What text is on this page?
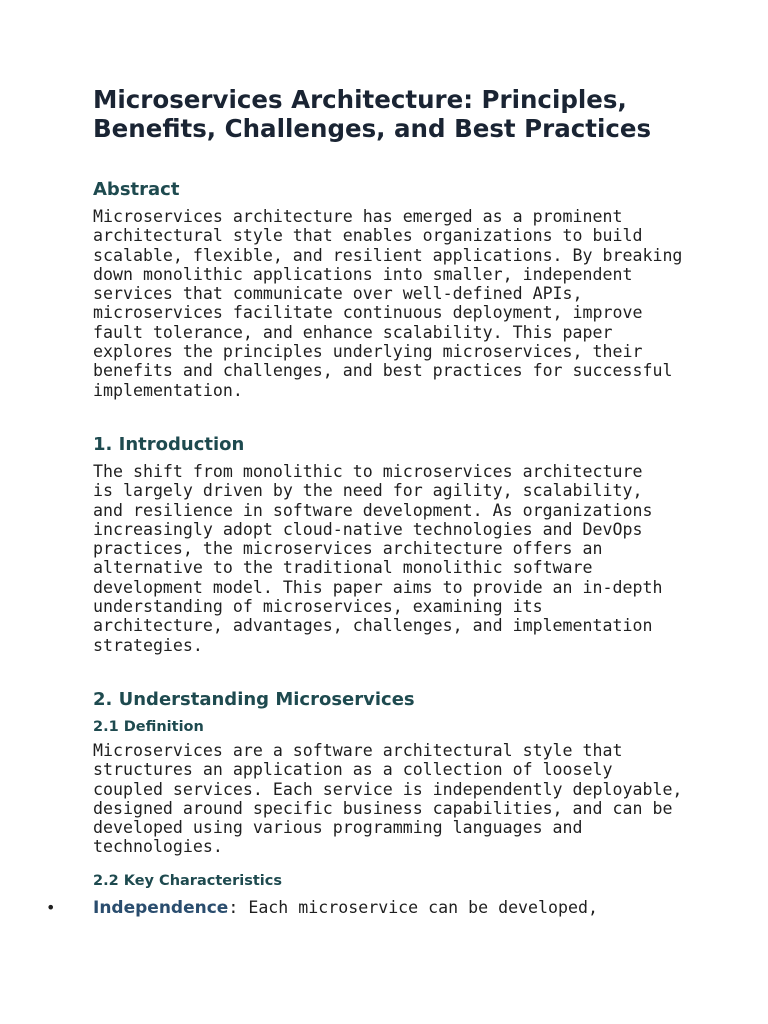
Microservices Architecture: Principles, Benefits, Challenges, and Best Practices
Abstract

Microservices architecture has emerged as a prominent architectural style that enables organizations to build scalable, flexible, and resilient applications. By breaking down monolithic applications into smaller, independent services that communicate over well-defined APIs, microservices facilitate continuous deployment, improve fault tolerance, and enhance scalability. This paper explores the principles underlying microservices, their benefits and challenges, and best practices for successful implementation.

1. Introduction

The shift from monolithic to microservices architecture is largely driven by the need for agility, scalability, and resilience in software development. As organizations increasingly adopt cloud-native technologies and DevOps practices, the microservices architecture offers an alternative to the traditional monolithic software development model. This paper aims to provide an in-depth understanding of microservices, examining its architecture, advantages, challenges, and implementation strategies.

2. Understanding Microservices
2.1 Definition

Microservices are a software architectural style that structures an application as a collection of loosely coupled services. Each service is independently deployable, designed around specific business capabilities, and can be developed using various programming languages and technologies.

2.2 Key Characteristics
• Independence: Each microservice can be developed,
